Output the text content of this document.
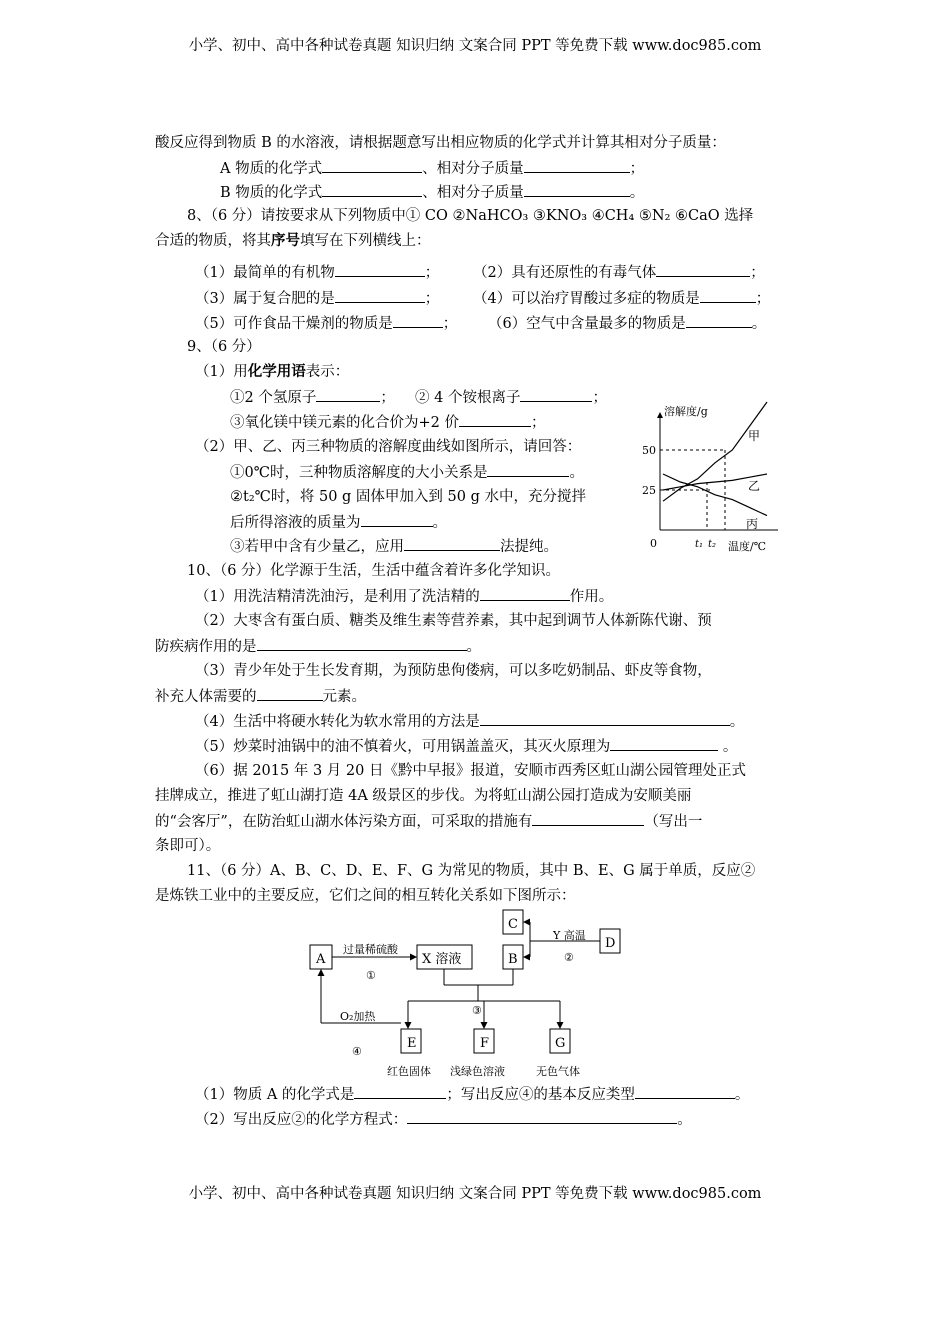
小学、初中、高中各种试卷真题 知识归纳 文案合同 PPT 等免费下载 www.doc985.com
酸反应得到物质 B 的水溶液，请根据题意写出相应物质的化学式并计算其相对分子质量：
A 物质的化学式	、相对分子质量	；
B 物质的化学式	、相对分子质量	。
8、（6 分）请按要求从下列物质中① CO ②NaHCO₃ ③KNO₃ ④CH₄ ⑤N₂ ⑥CaO 选择
合适的物质，将其序号填写在下列横线上：
（1）最简单的有机物	； （2）具有还原性的有毒气体	；
（3）属于复合肥的是	； （4）可以治疗胃酸过多症的物质是	；
（5）可作食品干燥剂的物质是	； （6）空气中含量最多的物质是	。
9、（6 分）
（1）用化学用语表示：
①2 个氢原子	； ② 4 个铵根离子	；
③氧化镁中镁元素的化合价为+2 价	；
（2）甲、乙、丙三种物质的溶解度曲线如图所示，请回答：
①0℃时，三种物质溶解度的大小关系是	。
②t₂℃时，将 50 g 固体甲加入到 50 g 水中，充分搅拌
后所得溶液的质量为	。
③若甲中含有少量乙，应用	法提纯。
溶解度/g
温度/℃
0
25
50
t₁ t₂
甲
乙
丙
10、（6 分）化学源于生活，生活中蕴含着许多化学知识。
（1）用洗洁精清洗油污，是利用了洗洁精的	作用。
（2）大枣含有蛋白质、糖类及维生素等营养素，其中起到调节人体新陈代谢、预
防疾病作用的是	。
（3）青少年处于生长发育期，为预防患佝偻病，可以多吃奶制品、虾皮等食物，
补充人体需要的	元素。
（4）生活中将硬水转化为软水常用的方法是	。
（5）炒菜时油锅中的油不慎着火，可用锅盖盖灭，其灭火原理为	。
（6）据 2015 年 3 月 20 日《黔中早报》报道，安顺市西秀区虹山湖公园管理处正式
挂牌成立，推进了虹山湖打造 4A 级景区的步伐。为将虹山湖公园打造成为安顺美丽
的“会客厅”，在防治虹山湖水体污染方面，可采取的措施有	（写出一
条即可）。
11、（6 分）A、B、C、D、E、F、G 为常见的物质，其中 B、E、G 属于单质，反应②
是炼铁工业中的主要反应，它们之间的相互转化关系如下图所示：
A	X 溶液	B
C
D
E	F	G
过量稀硫酸
①
Y 高温
②
③
O₂加热
④
红色固体 浅绿色溶液	无色气体
（1）物质 A 的化学式是	；写出反应④的基本反应类型	。
（2）写出反应②的化学方程式：	。
小学、初中、高中各种试卷真题 知识归纳 文案合同 PPT 等免费下载 www.doc985.com
